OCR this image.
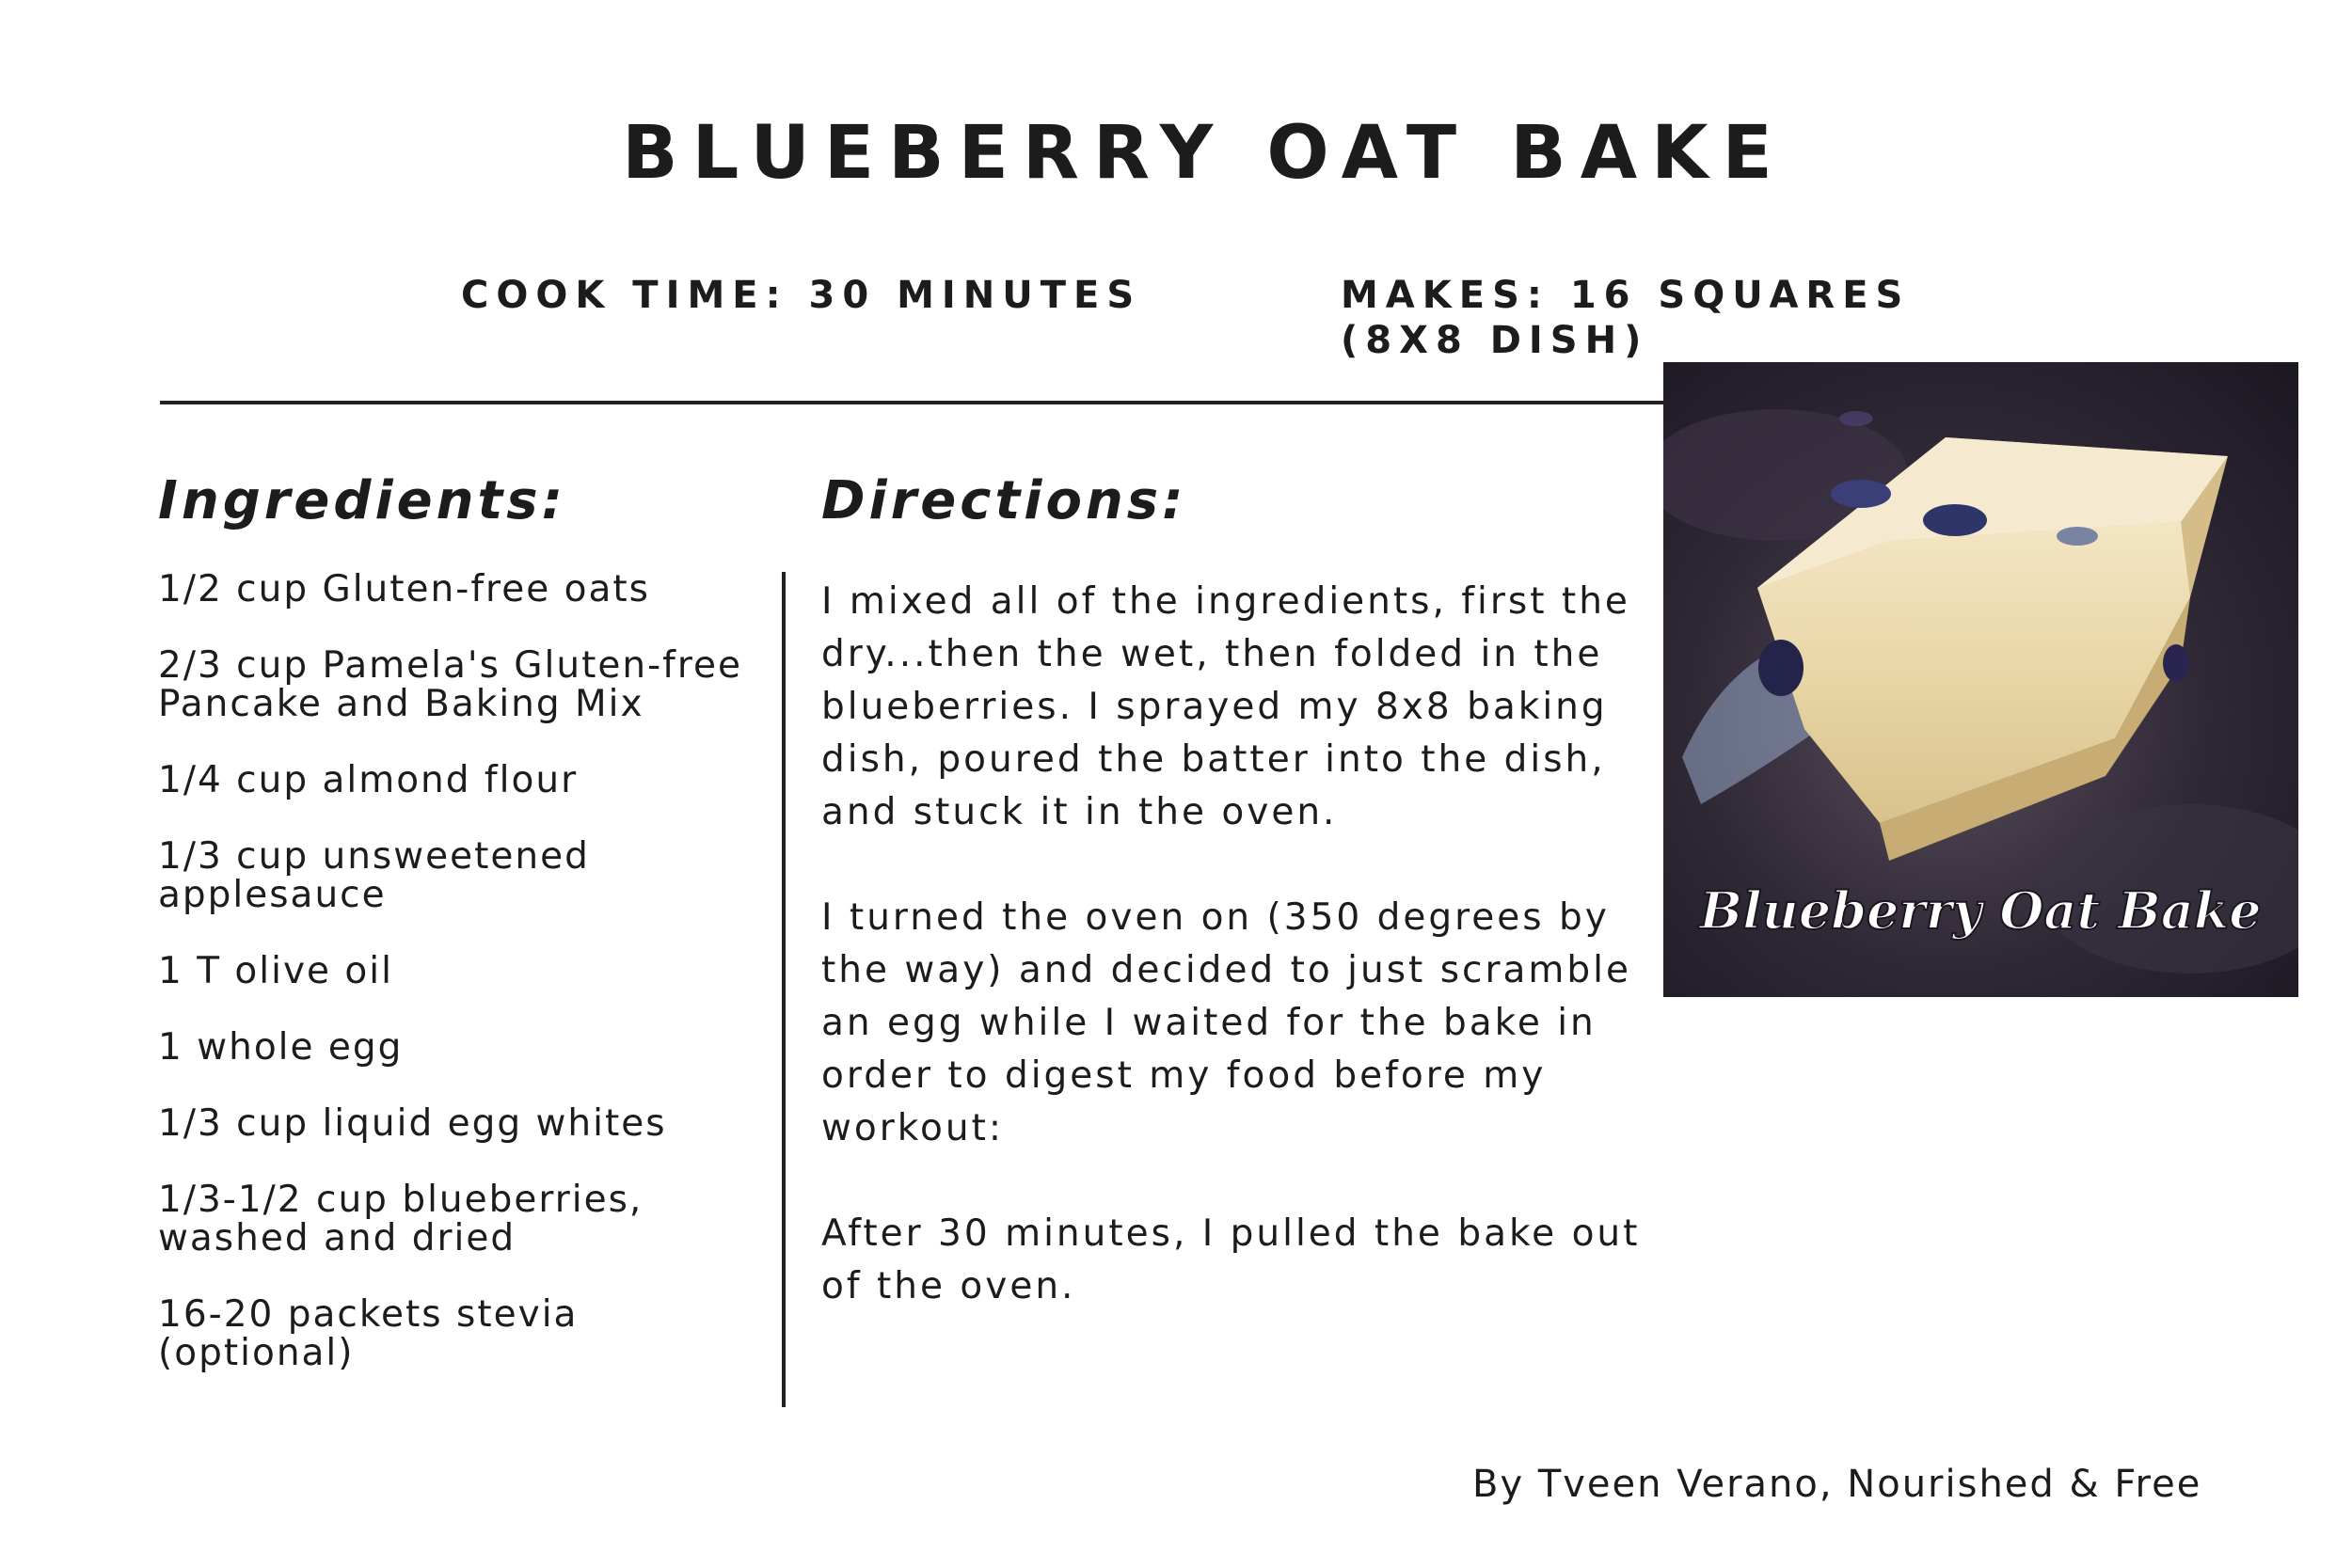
BLUEBERRY OAT BAKE
COOK TIME: 30 MINUTES	MAKES: 16 SQUARES
(8X8 DISH)
Blueberry Oat Bake
Ingredients:
1/2 cup Gluten-free oats
2/3 cup Pamela's Gluten-free Pancake and Baking Mix
1/4 cup almond flour
1/3 cup unsweetened applesauce
1 T olive oil
1 whole egg
1/3 cup liquid egg whites
1/3-1/2 cup blueberries, washed and dried
16-20 packets stevia (optional)
Directions:

I mixed all of the ingredients, first the dry...then the wet, then folded in the blueberries. I sprayed my 8x8 baking dish, poured the batter into the dish, and stuck it in the oven.

I turned the oven on (350 degrees by the way) and decided to just scramble an egg while I waited for the bake in order to digest my food before my workout:

After 30 minutes, I pulled the bake out of the oven.

By Tveen Verano, Nourished & Free
